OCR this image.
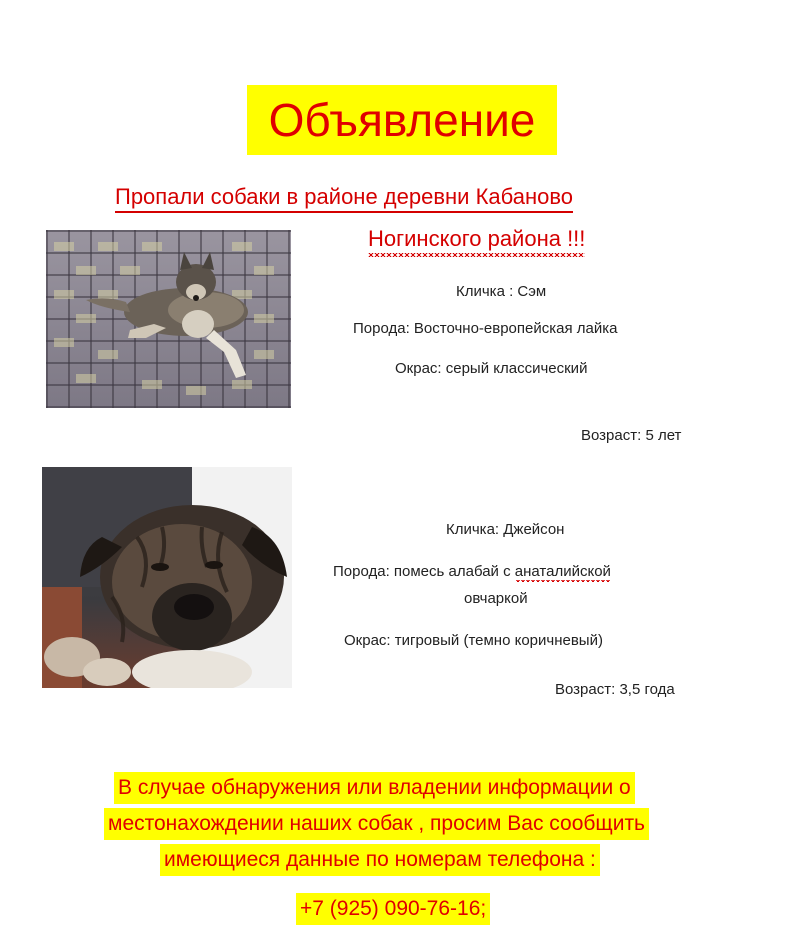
Объявление
Пропали собаки в районе деревни Кабаново
Ногинского района !!!
Кличка : Сэм
Порода: Восточно-европейская лайка
Окрас: серый классический
Возраст: 5 лет
Кличка: Джейсон
Порода: помесь алабай с анаталийской
овчаркой
Окрас: тигровый (темно коричневый)
Возраст: 3,5 года
В случае обнаружения или владении информации о
местонахождении наших собак , просим Вас сообщить
имеющиеся данные по номерам телефона :
+7 (925) 090-76-16;
✦ Propala.org
сервис поиска животных
